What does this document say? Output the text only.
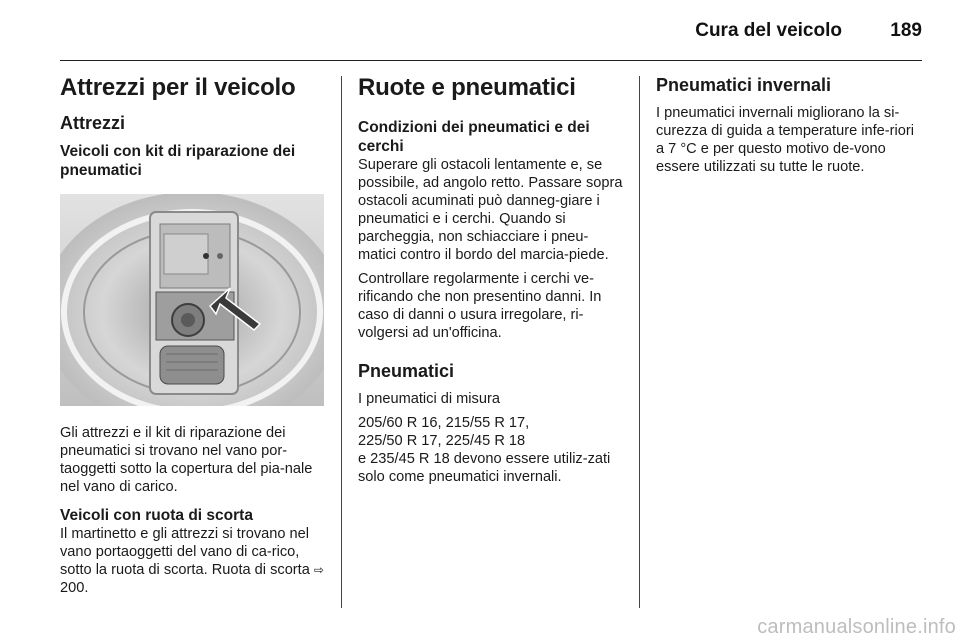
Cura del veicolo	189
Attrezzi per il veicolo
Attrezzi
Veicoli con kit di riparazione dei pneumatici

Gli attrezzi e il kit di riparazione dei pneumatici si trovano nel vano por-taoggetti sotto la copertura del pia-nale nel vano di carico.

Veicoli con ruota di scorta

Il martinetto e gli attrezzi si trovano nel vano portaoggetti del vano di ca-rico, sotto la ruota di scorta. Ruota di scorta ⇨ 200.

Ruote e pneumatici
Condizioni dei pneumatici e dei cerchi

Superare gli ostacoli lentamente e, se possibile, ad angolo retto. Passare sopra ostacoli acuminati può danneg-giare i pneumatici e i cerchi. Quando si parcheggia, non schiacciare i pneu-matici contro il bordo del marcia-piede.

Controllare regolarmente i cerchi ve-rificando che non presentino danni. In caso di danni o usura irregolare, ri-volgersi ad un'officina.

Pneumatici

I pneumatici di misura

205/60 R 16, 215/55 R 17,
225/50 R 17, 225/45 R 18
e 235/45 R 18 devono essere utiliz-zati solo come pneumatici invernali.

Pneumatici invernali

I pneumatici invernali migliorano la si-curezza di guida a temperature infe-riori a 7 °C e per questo motivo de-vono essere utilizzati su tutte le ruote.

carmanualsonline.info
